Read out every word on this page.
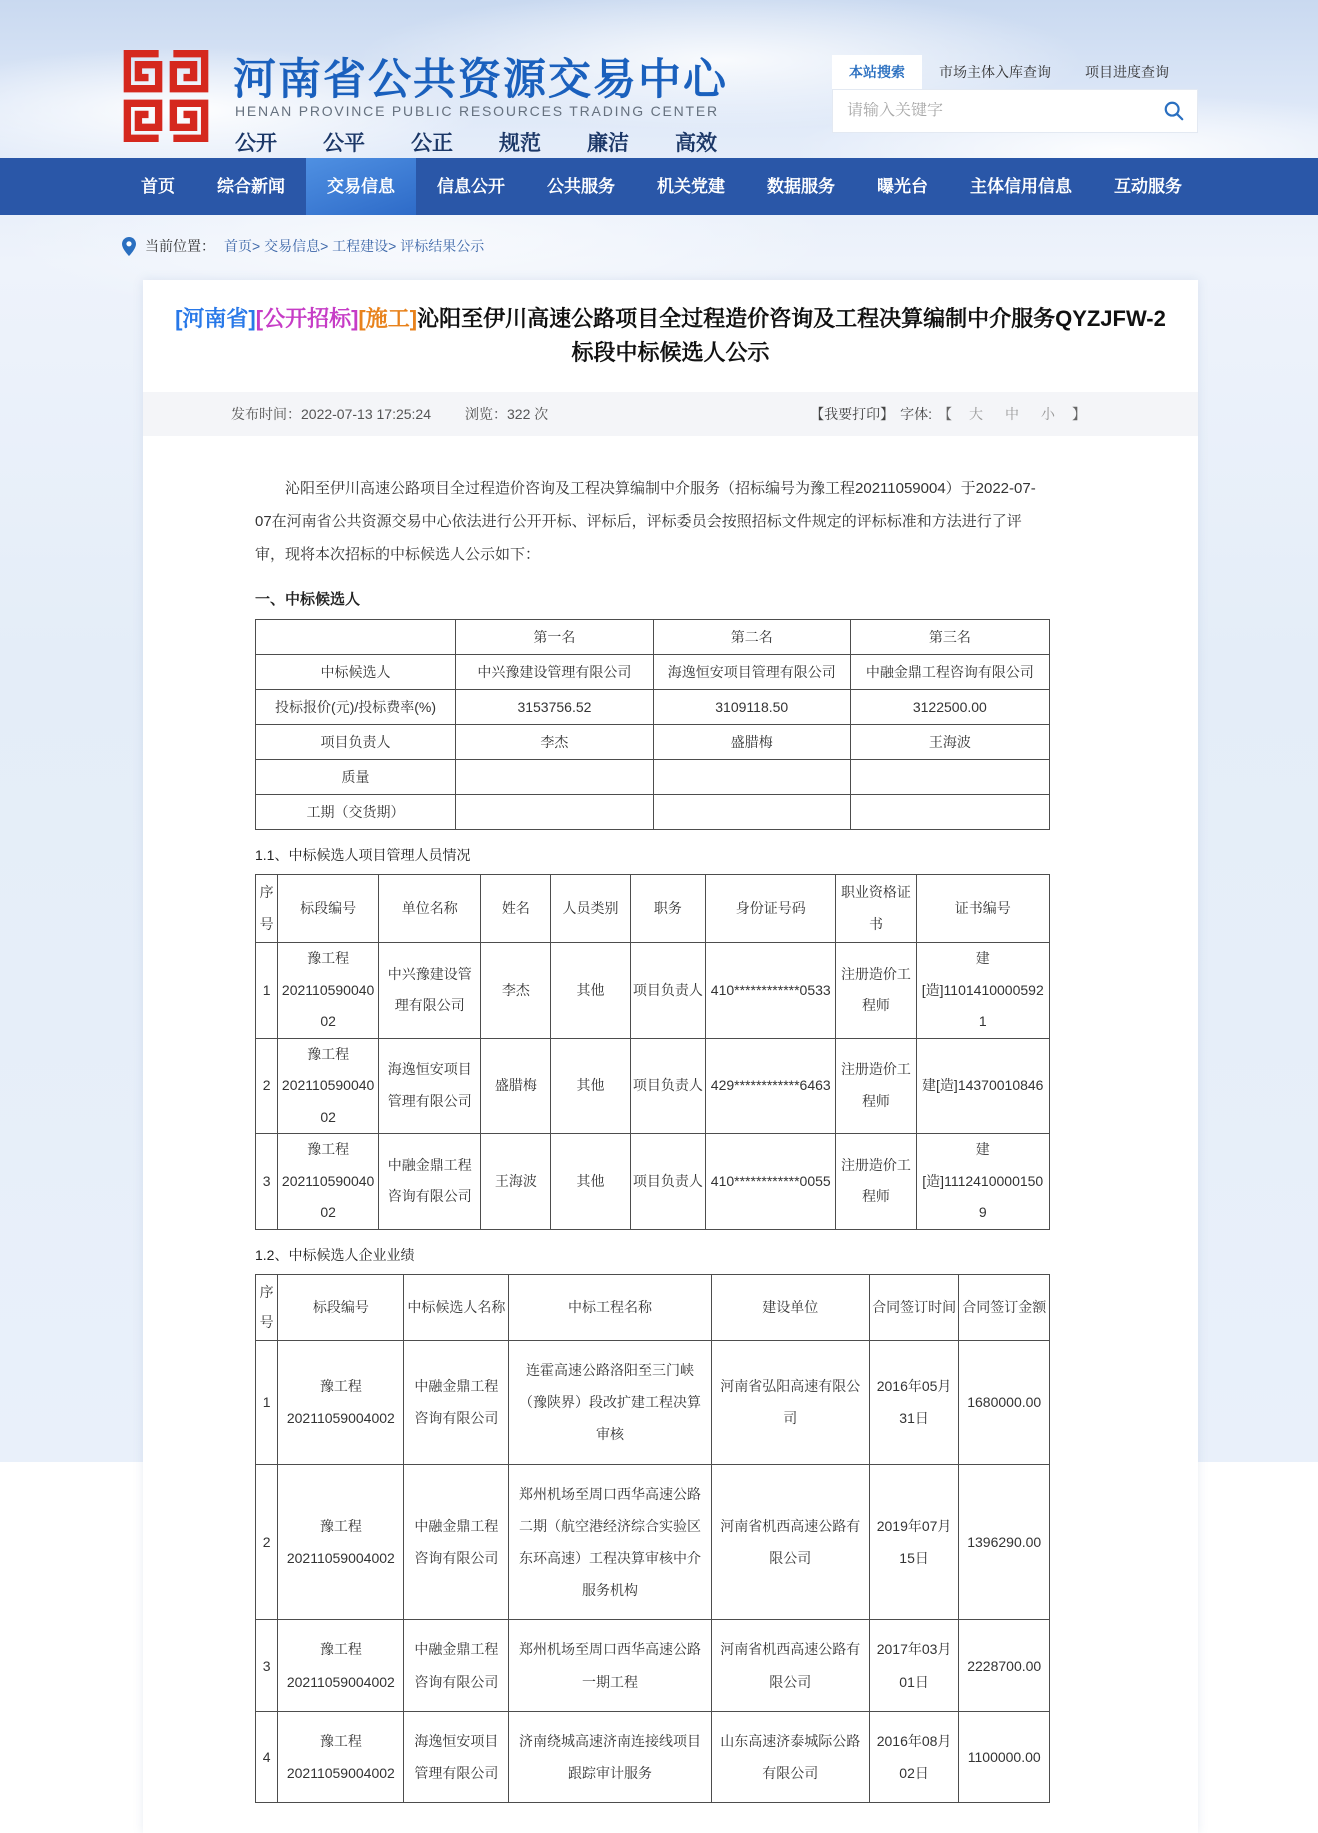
河南省公共资源交易中心
HENAN PROVINCE PUBLIC RESOURCES TRADING CENTER
公开 公平 公正 规范 廉洁 高效
本站搜索	市场主体入库查询	项目进度查询
请输入关键字
首页	综合新闻	交易信息	信息公开	公共服务	机关党建	数据服务	曝光台	主体信用信息	互动服务
当前位置： 首页 > 交易信息 > 工程建设 > 评标结果公示
[河南省][公开招标][施工]沁阳至伊川高速公路项目全过程造价咨询及工程决算编制中介服务QYZJFW-2标段中标候选人公示
发布时间：2022-07-13 17:25:24 浏览：322 次	【我要打印】 字体: 【	大 中 小	】

沁阳至伊川高速公路项目全过程造价咨询及工程决算编制中介服务（招标编号为豫工程20211059004）于2022-07-07在河南省公共资源交易中心依法进行公开开标、评标后，评标委员会按照招标文件规定的评标标准和方法进行了评审，现将本次招标的中标候选人公示如下：

一、中标候选人
	第一名	第二名	第三名
中标候选人	中兴豫建设管理有限公司	海逸恒安项目管理有限公司	中融金鼎工程咨询有限公司
投标报价(元)/投标费率(%)	3153756.52	3109118.50	3122500.00
项目负责人	李杰	盛腊梅	王海波
质量			
工期（交货期）			
1.1、中标候选人项目管理人员情况
序号	标段编号	单位名称	姓名	人员类别	职务	身份证号码	职业资格证书	证书编号
1	豫工程 20211059004002	中兴豫建设管理有限公司	李杰	其他	项目负责人	410************0533	注册造价工程师	建 [造]11014100005921
2	豫工程 20211059004002	海逸恒安项目管理有限公司	盛腊梅	其他	项目负责人	429************6463	注册造价工程师	建[造]14370010846
3	豫工程 20211059004002	中融金鼎工程咨询有限公司	王海波	其他	项目负责人	410************0055	注册造价工程师	建 [造]11124100001509
1.2、中标候选人企业业绩
序号	标段编号	中标候选人名称	中标工程名称	建设单位	合同签订时间	合同签订金额
1	豫工程 20211059004002	中融金鼎工程咨询有限公司	连霍高速公路洛阳至三门峡（豫陕界）段改扩建工程决算审核	河南省弘阳高速有限公司	2016年05月31日	1680000.00
2	豫工程 20211059004002	中融金鼎工程咨询有限公司	郑州机场至周口西华高速公路二期（航空港经济综合实验区东环高速）工程决算审核中介服务机构	河南省机西高速公路有限公司	2019年07月15日	1396290.00
3	豫工程 20211059004002	中融金鼎工程咨询有限公司	郑州机场至周口西华高速公路一期工程	河南省机西高速公路有限公司	2017年03月01日	2228700.00
4	豫工程 20211059004002	海逸恒安项目管理有限公司	济南绕城高速济南连接线项目跟踪审计服务	山东高速济泰城际公路有限公司	2016年08月02日	1100000.00
